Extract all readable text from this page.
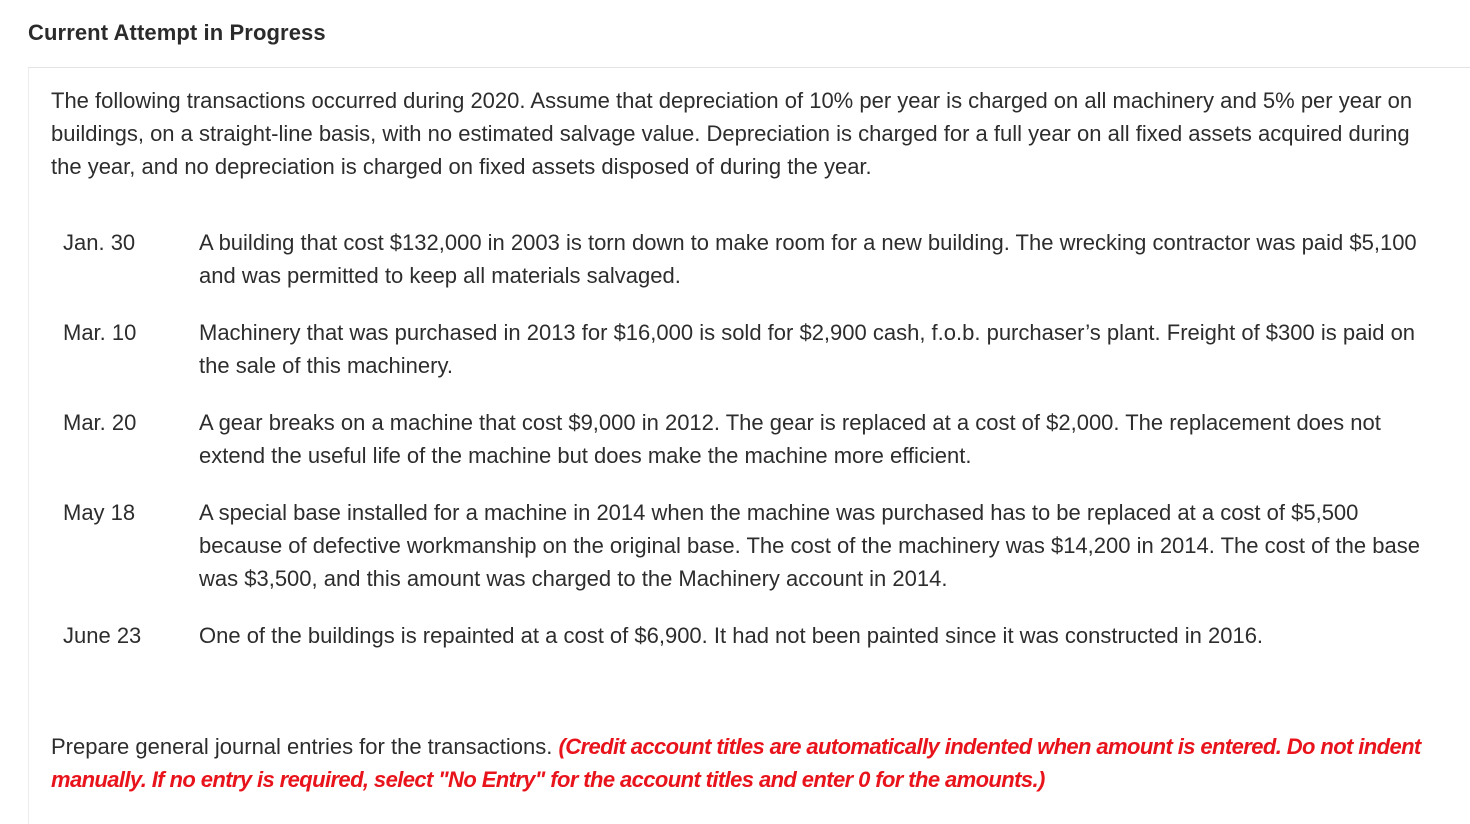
Current Attempt in Progress
The following transactions occurred during 2020. Assume that depreciation of 10% per year is charged on all machinery and 5% per year on buildings, on a straight-line basis, with no estimated salvage value. Depreciation is charged for a full year on all fixed assets acquired during the year, and no depreciation is charged on fixed assets disposed of during the year.
Jan. 30	A building that cost $132,000 in 2003 is torn down to make room for a new building. The wrecking contractor was paid $5,100 and was permitted to keep all materials salvaged.
Mar. 10	Machinery that was purchased in 2013 for $16,000 is sold for $2,900 cash, f.o.b. purchaser’s plant. Freight of $300 is paid on the sale of this machinery.
Mar. 20	A gear breaks on a machine that cost $9,000 in 2012. The gear is replaced at a cost of $2,000. The replacement does not extend the useful life of the machine but does make the machine more efficient.
May 18	A special base installed for a machine in 2014 when the machine was purchased has to be replaced at a cost of $5,500 because of defective workmanship on the original base. The cost of the machinery was $14,200 in 2014. The cost of the base was $3,500, and this amount was charged to the Machinery account in 2014.
June 23	One of the buildings is repainted at a cost of $6,900. It had not been painted since it was constructed in 2016.
Prepare general journal entries for the transactions. (Credit account titles are automatically indented when amount is entered. Do not indent manually. If no entry is required, select "No Entry" for the account titles and enter 0 for the amounts.)
